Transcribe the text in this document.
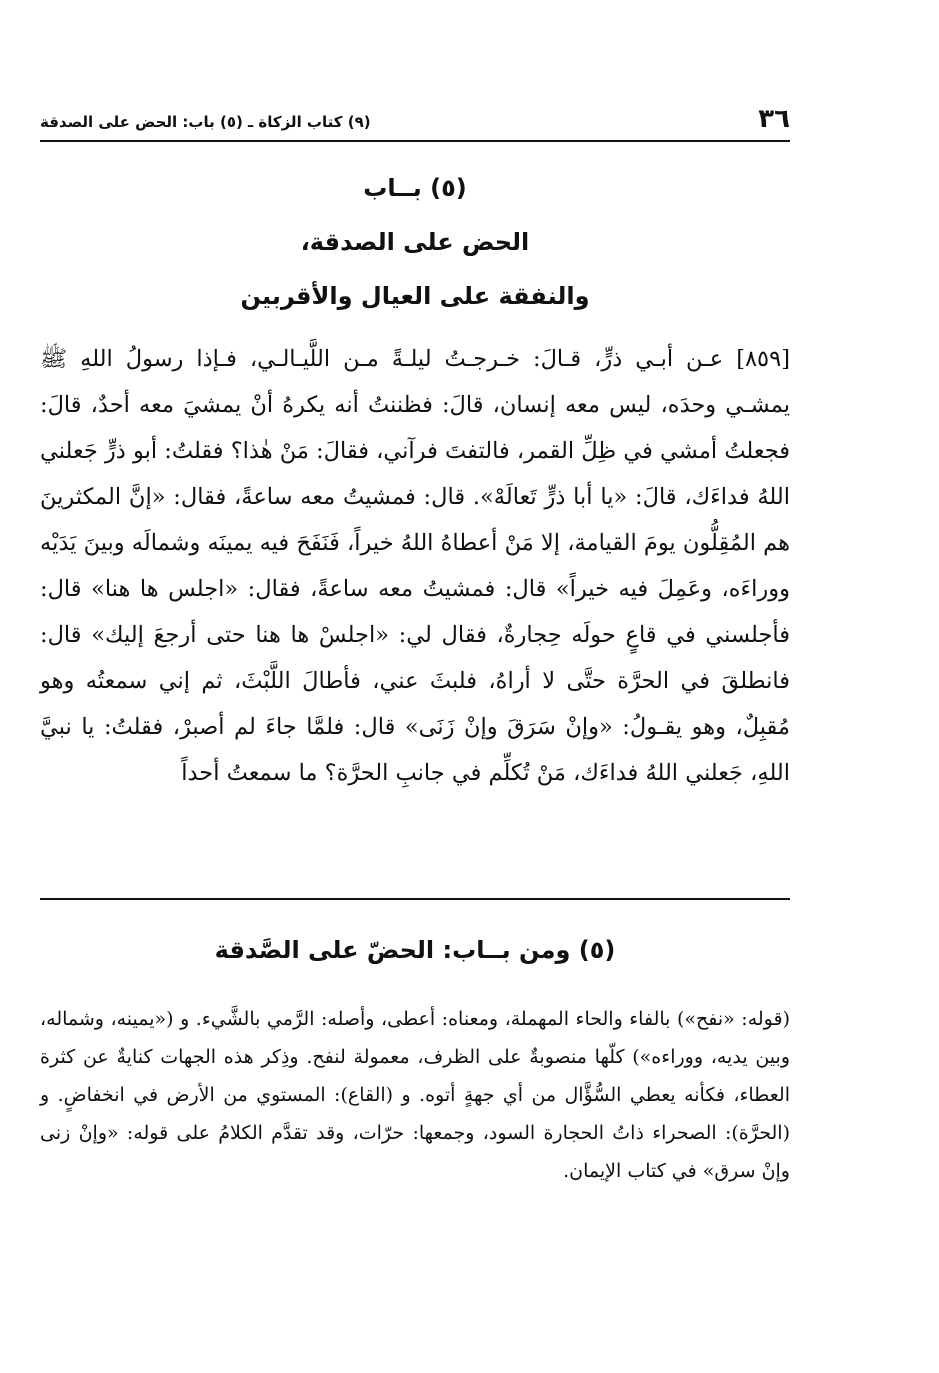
٣٦
(٩) كتاب الزكاة ـ (٥) باب: الحض على الصدقة
(٥) بــاب
الحض على الصدقة،
والنفقة على العيال والأقربين

[٨٥٩] عـن أبـي ذرٍّ، قـالَ: خـرجـتُ ليلـةً مـن اللَّيـالـي، فـإذا رسولُ اللهِ ﷺ يمشـي وحدَه، ليس معه إنسان، قالَ: فظننتُ أنه يكرهُ أنْ يمشيَ معه أحدٌ، قالَ: فجعلتُ أمشي في ظِلِّ القمر، فالتفتَ فرآني، فقالَ: مَنْ هٰذا؟ فقلتُ: أبو ذرٍّ جَعلني اللهُ فداءَك، قالَ: «يا أبا ذرٍّ تَعالَهْ». قال: فمشيتُ معه ساعةً، فقال: «إنَّ المكثرينَ هم المُقِلُّون يومَ القيامة، إلا مَنْ أعطاهُ اللهُ خيراً، فَنَفَحَ فيه يمينَه وشمالَه وبينَ يَدَيْه ووراءَه، وعَمِلَ فيه خيراً» قال: فمشيتُ معه ساعةً، فقال: «اجلس ها هنا» قال: فأجلسني في قاعٍ حولَه حِجارةٌ، فقال لي: «اجلسْ ها هنا حتى أرجعَ إليك» قال: فانطلقَ في الحرَّة حتَّى لا أراهُ، فلبثَ عني، فأطالَ اللَّبْثَ، ثم إني سمعتُه وهو مُقبِلٌ، وهو يقـولُ: «وإنْ سَرَقَ وإنْ زَنَى» قال: فلمَّا جاءَ لم أصبرْ، فقلتُ: يا نبيَّ اللهِ، جَعلني اللهُ فداءَك، مَنْ تُكلِّم في جانبِ الحرَّة؟ ما سمعتُ أحداً

(٥) ومن بــاب: الحضّ على الصَّدقة

(قوله: «نفح») بالفاء والحاء المهملة، ومعناه: أعطى، وأصله: الرَّمي بالشَّيء. و («يمينه، وشماله، وبين يديه، ووراءه») كلّها منصوبةٌ على الظرف، معمولة لنفح. وذِكر هذه الجهات كنايةٌ عن كثرة العطاء، فكأنه يعطي السُّؤَّال من أي جهةٍ أتوه. و (القاع): المستوي من الأرض في انخفاضٍ. و (الحرَّة): الصحراء ذاتُ الحجارة السود، وجمعها: حرّات، وقد تقدَّم الكلامُ على قوله: «وإنْ زنى وإنْ سرق» في كتاب الإيمان.
